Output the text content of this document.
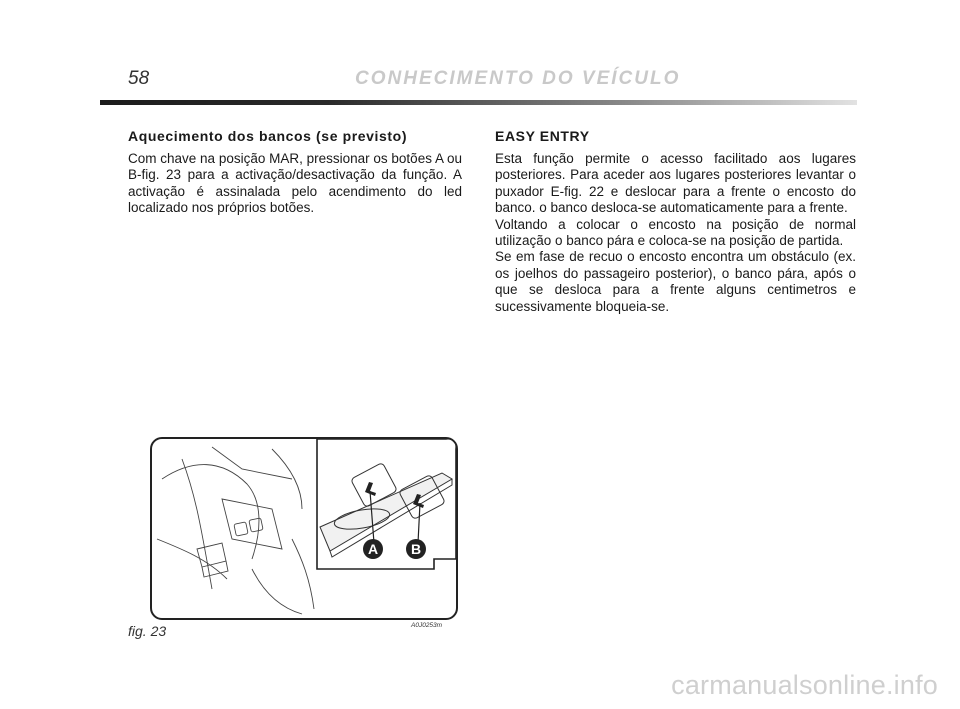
58	CONHECIMENTO DO VEÍCULO
Aquecimento dos bancos (se previsto)

Com chave na posição MAR, pressionar os botões A ou B-fig. 23 para a activação/desactivação da função. A activação é assinalada pelo acendimento do led localizado nos próprios botões.

EASY ENTRY

Esta função permite o acesso facilitado aos lugares posteriores. Para aceder aos lugares posteriores levantar o puxador E-fig. 22 e deslocar para a frente o encosto do banco. o banco desloca-se automaticamente para a frente.

Voltando a colocar o encosto na posição de normal utilização o banco pára e coloca-se na posição de partida.

Se em fase de recuo o encosto encontra um obstáculo (ex. os joelhos do passageiro posterior), o banco pára, após o que se desloca para a frente alguns centimetros e sucessivamente bloqueia-se.

A B
fig. 23	A0J0253m
carmanualsonline.info
